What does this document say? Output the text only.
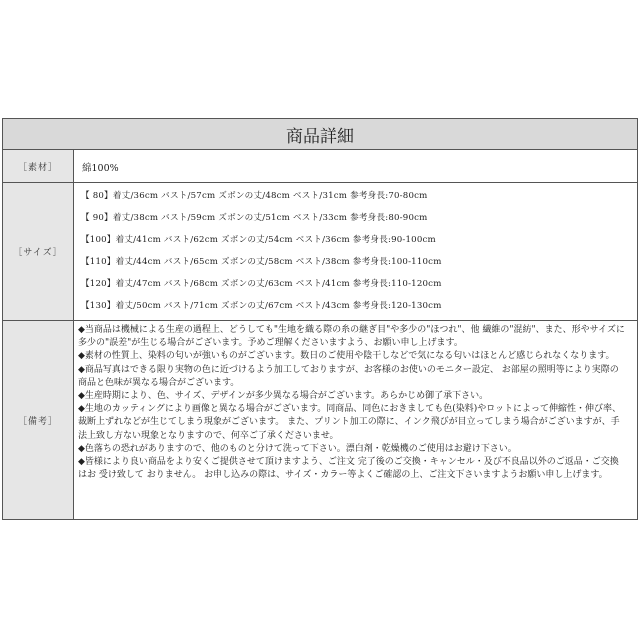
商品詳細
［素材］	綿100%
［サイズ］
【 80】着丈/36cm バスト/57cm ズボンの丈/48cm ベスト/31cm 参考身長:70-80cm
【 90】着丈/38cm バスト/59cm ズボンの丈/51cm ベスト/33cm 参考身長:80-90cm
【100】着丈/41cm バスト/62cm ズボンの丈/54cm ベスト/36cm 参考身長:90-100cm
【110】着丈/44cm バスト/65cm ズボンの丈/58cm ベスト/38cm 参考身長:100-110cm
【120】着丈/47cm バスト/68cm ズボンの丈/63cm ベスト/41cm 参考身長:110-120cm
【130】着丈/50cm バスト/71cm ズボンの丈/67cm ベスト/43cm 参考身長:120-130cm
［備考］
◆当商品は機械による生産の過程上、どうしても"生地を織る際の糸の継ぎ目"や多少の"ほつれ"、他 繊維の"混紡"、また、形やサイズに多少の"誤差"が生じる場合がございます。予めご理解くださいますよう、お願い申し上げます。
◆素材の性質上、染料の匂いが強いものがございます。数日のご使用や陰干しなどで気になる匂いはほとんど感じられなくなります。
◆商品写真はできる限り実物の色に近づけるよう加工しておりますが、お客様のお使いのモニター設定、 お部屋の照明等により実際の商品と色味が異なる場合がございます。
◆生産時期により、色、サイズ、デザインが多少異なる場合がございます。あらかじめ御了承下さい。
◆生地のカッティングにより画像と異なる場合がございます。同商品、同色におきましても色(染料)やロットによって伸縮性・伸び率、裁断上ずれなどが生じてしまう現象がございます。 また、プリント加工の際に、インク飛びが目立ってしまう場合がございますが、手法上致し方ない現象となりますので、何卒ご了承くださいませ。
◆色落ちの恐れがありますので、他のものと分けて洗って下さい。漂白剤・乾燥機のご使用はお避け下さい。
◆皆様により良い商品をより安くご提供させて頂けますよう、ご注文 完了後のご交換・キャンセル・及び不良品以外のご返品・ご交換はお 受け致して おりません。 お申し込みの際は、サイズ・カラー等よくご確認の上、ご注文下さいますようお願い申し上げます。
